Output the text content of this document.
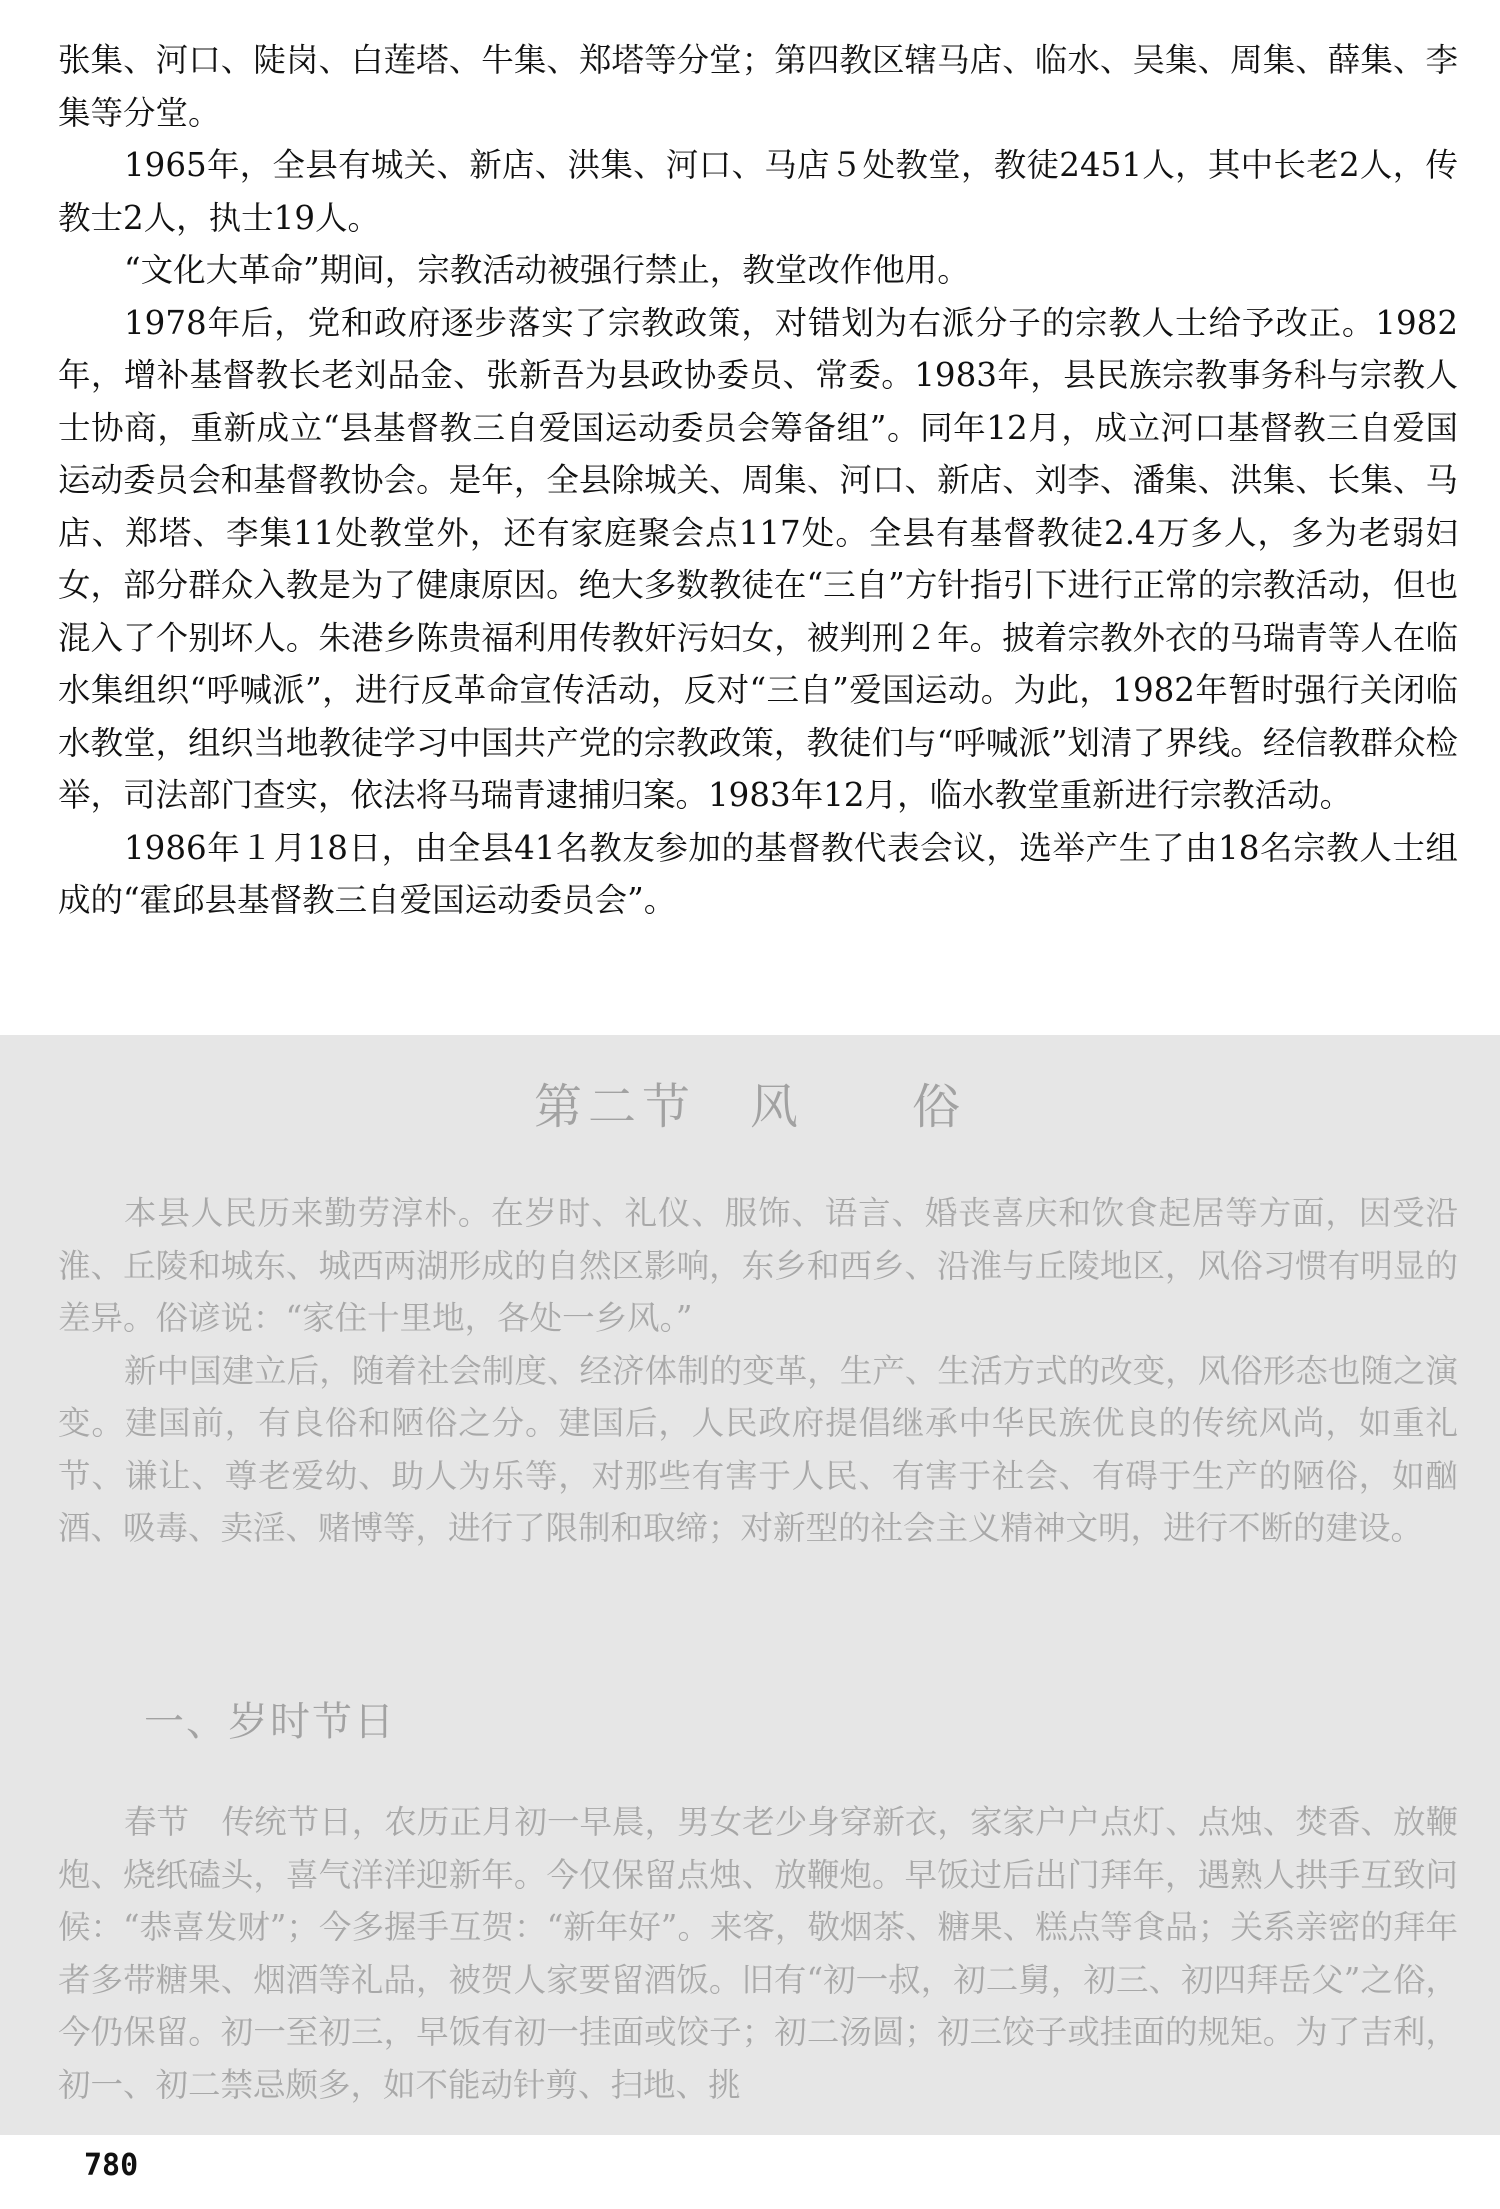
张集、河口、陡岗、白莲塔、牛集、郑塔等分堂；第四教区辖马店、临水、吴集、周集、薛集、李集等分堂。

1965年，全县有城关、新店、洪集、河口、马店５处教堂，教徒2451人，其中长老2人，传教士2人，执士19人。

“文化大革命”期间，宗教活动被强行禁止，教堂改作他用。

1978年后，党和政府逐步落实了宗教政策，对错划为右派分子的宗教人士给予改正。1982年，增补基督教长老刘品金、张新吾为县政协委员、常委。1983年，县民族宗教事务科与宗教人士协商，重新成立“县基督教三自爱国运动委员会筹备组”。同年12月，成立河口基督教三自爱国运动委员会和基督教协会。是年，全县除城关、周集、河口、新店、刘李、潘集、洪集、长集、马店、郑塔、李集11处教堂外，还有家庭聚会点117处。全县有基督教徒2.4万多人，多为老弱妇女，部分群众入教是为了健康原因。绝大多数教徒在“三自”方针指引下进行正常的宗教活动，但也混入了个别坏人。朱港乡陈贵福利用传教奸污妇女，被判刑２年。披着宗教外衣的马瑞青等人在临水集组织“呼喊派”，进行反革命宣传活动，反对“三自”爱国运动。为此，1982年暂时强行关闭临水教堂，组织当地教徒学习中国共产党的宗教政策，教徒们与“呼喊派”划清了界线。经信教群众检举，司法部门查实，依法将马瑞青逮捕归案。1983年12月，临水教堂重新进行宗教活动。

1986年１月18日，由全县41名教友参加的基督教代表会议，选举产生了由18名宗教人士组成的“霍邱县基督教三自爱国运动委员会”。

第二节　风　　俗

本县人民历来勤劳淳朴。在岁时、礼仪、服饰、语言、婚丧喜庆和饮食起居等方面，因受沿淮、丘陵和城东、城西两湖形成的自然区影响，东乡和西乡、沿淮与丘陵地区，风俗习惯有明显的差异。俗谚说：“家住十里地，各处一乡风。”

新中国建立后，随着社会制度、经济体制的变革，生产、生活方式的改变，风俗形态也随之演变。建国前，有良俗和陋俗之分。建国后，人民政府提倡继承中华民族优良的传统风尚，如重礼节、谦让、尊老爱幼、助人为乐等，对那些有害于人民、有害于社会、有碍于生产的陋俗，如酗酒、吸毒、卖淫、赌博等，进行了限制和取缔；对新型的社会主义精神文明，进行不断的建设。

一、岁时节日

春节　传统节日，农历正月初一早晨，男女老少身穿新衣，家家户户点灯、点烛、焚香、放鞭炮、烧纸磕头，喜气洋洋迎新年。今仅保留点烛、放鞭炮。早饭过后出门拜年，遇熟人拱手互致问候：“恭喜发财”；今多握手互贺：“新年好”。来客，敬烟茶、糖果、糕点等食品；关系亲密的拜年者多带糖果、烟酒等礼品，被贺人家要留酒饭。旧有“初一叔，初二舅，初三、初四拜岳父”之俗，今仍保留。初一至初三，早饭有初一挂面或饺子；初二汤圆；初三饺子或挂面的规矩。为了吉利，初一、初二禁忌颇多，如不能动针剪、扫地、挑

780
